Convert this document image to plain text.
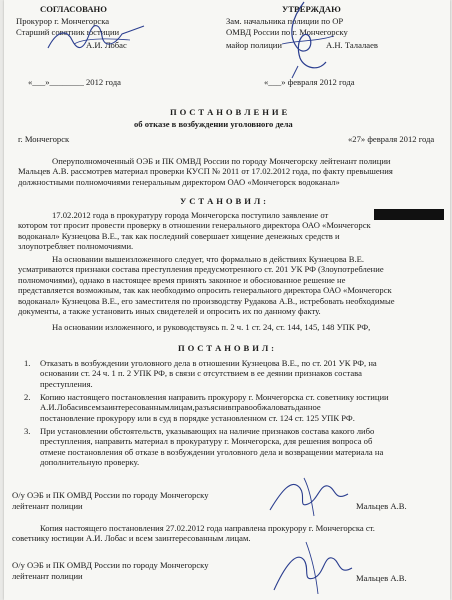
СОГЛАСОВАНО
Прокурор г. Мончегорска
Старший советник юстиции
А.И. Лобас
«___»________ 2012 года
УТВЕРЖДАЮ
Зам. начальника полиции по ОР
ОМВД России по г. Мончегорску
майор полиции	А.Н. Талалаев
«___» февраля 2012 года
П О С Т А Н О В Л Е Н И Е
об отказе в возбуждении уголовного дела
г. Мончегорск	«27» февраля 2012 года
Оперуполномоченный ОЭБ и ПК ОМВД России по городу Мончегорску лейтенант полиции
Мальцев А.В. рассмотрев материал проверки КУСП № 2011 от 17.02.2012 года, по факту превышения
должностными полномочиями генеральным директором ОАО «Мончегорск водоканал»
У С Т А Н О В И Л :
17.02.2012 года в прокуратуру города Мончегорска поступило заявление от
котором тот просит провести проверку в отношении генерального директора ОАО «Мончегорск
водоканал» Кузнецова В.Е., так как последний совершает хищение денежных средств и
злоупотребляет полномочиями.
На основании вышеизложенного следует, что формально в действиях Кузнецова В.Е.
усматриваются признаки состава преступления предусмотренного ст. 201 УК РФ (Злоупотребление
полномочиями), однако в настоящее время принять законное и обоснованное решение не
представляется возможным, так как необходимо опросить генерального директора ОАО «Мончегорск
водоканал» Кузнецова В.Е., его заместителя по производству Рудакова А.В., истребовать необходимые
документы, а также установить иных свидетелей и опросить их по данному факту.
На основании изложенного, и руководствуясь п. 2 ч. 1 ст. 24, ст. 144, 145, 148 УПК РФ,
П О С Т А Н О В И Л :
1. Отказать в возбуждении уголовного дела в отношении Кузнецова В.Е., по ст. 201 УК РФ, на
основании ст. 24 ч. 1 п. 2 УПК РФ, в связи с отсутствием в ее деянии признаков состава
преступления.
2. Копию настоящего постановления направить прокурору г. Мончегорска ст. советнику юстиции
А.И. Лобас и всем заинтересованным лицам, разъяснив право обжаловать данное
постановление прокурору или в суд в порядке установленном ст. 124 ст. 125 УПК РФ.
3. При установлении обстоятельств, указывающих на наличие признаков состава какого либо
преступления, направить материал в прокуратуру г. Мончегорска, для решения вопроса об
отмене постановления об отказе в возбуждении уголовного дела и возвращении материала на
дополнительную проверку.
О/у ОЭБ и ПК ОМВД России по городу Мончегорску
лейтенант полиции	Мальцев А.В.
Копия настоящего постановления 27.02.2012 года направлена прокурору г. Мончегорска ст.
советнику юстиции А.И. Лобас и всем заинтересованным лицам.
О/у ОЭБ и ПК ОМВД России по городу Мончегорску
лейтенант полиции	Мальцев А.В.
